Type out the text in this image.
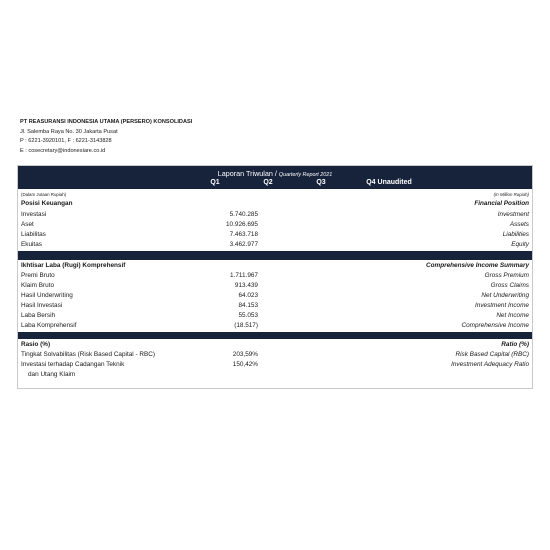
PT REASURANSI INDONESIA UTAMA (PERSERO) KONSOLIDASI
Jl. Salemba Raya No. 30 Jakarta Pusat
P : 6221-3920101, F : 6221-3143828
E : cosecretary@indonesiare.co.id
Laporan Triwulan / Quarterly Report 2021
Q1	Q2	Q3	Q4 Unaudited
(Dalam Jutaan Rupiah)	(In Million Rupiah)
Posisi Keuangan	Financial Position
Investasi	5.740.285	Investment
Aset	10.926.695	Assets
Liabilitas	7.463.718	Liabilities
Ekuitas	3.462.977	Equity
Ikhtisar Laba (Rugi) Komprehensif	Comprehensive Income Summary
Premi Bruto	1.711.967	Gross Premium
Klaim Bruto	913.439	Gross Claims
Hasil Underwriting	64.023	Net Underwriting
Hasil Investasi	84.153	Investment Income
Laba Bersih	55.053	Net Income
Laba Komprehensif	(18.517)	Comprehensive Income
Rasio (%)	Ratio (%)
Tingkat Solvabilitas (Risk Based Capital - RBC)	203,59%	Risk Based Capital (RBC)
Investasi terhadap Cadangan Teknik	150,42%	Investment Adequacy Ratio
dan Utang Klaim
